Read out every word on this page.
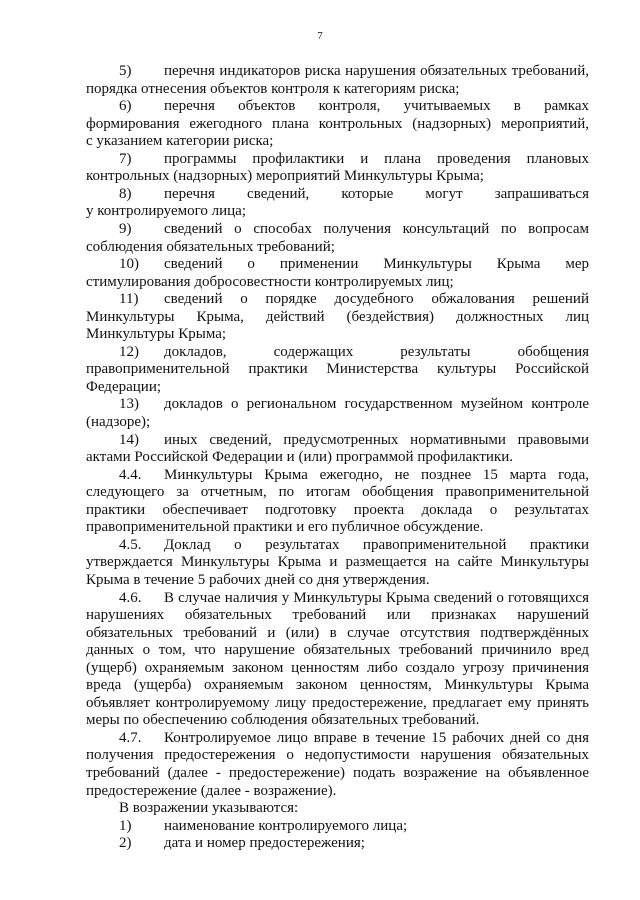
7
5) перечня индикаторов риска нарушения обязательных требований,
порядка отнесения объектов контроля к категориям риска;
6) перечня объектов контроля, учитываемых в рамках
формирования ежегодного плана контрольных (надзорных) мероприятий,
с указанием категории риска;
7) программы профилактики и плана проведения плановых
контрольных (надзорных) мероприятий Минкультуры Крыма;
8) перечня сведений, которые могут запрашиваться
у контролируемого лица;
9) сведений о способах получения консультаций по вопросам
соблюдения обязательных требований;
10) сведений о применении Минкультуры Крыма мер
стимулирования добросовестности контролируемых лиц;
11) сведений о порядке досудебного обжалования решений
Минкультуры Крыма, действий (бездействия) должностных лиц
Минкультуры Крыма;
12) докладов, содержащих результаты обобщения
правоприменительной практики Министерства культуры Российской
Федерации;
13) докладов о региональном государственном музейном контроле
(надзоре);
14) иных сведений, предусмотренных нормативными правовыми
актами Российской Федерации и (или) программой профилактики.
4.4. Минкультуры Крыма ежегодно, не позднее 15 марта года,
следующего за отчетным, по итогам обобщения правоприменительной
практики обеспечивает подготовку проекта доклада о результатах
правоприменительной практики и его публичное обсуждение.
4.5. Доклад о результатах правоприменительной практики
утверждается Минкультуры Крыма и размещается на сайте Минкультуры
Крыма в течение 5 рабочих дней со дня утверждения.
4.6. В случае наличия у Минкультуры Крыма сведений о готовящихся
нарушениях обязательных требований или признаках нарушений
обязательных требований и (или) в случае отсутствия подтверждённых
данных о том, что нарушение обязательных требований причинило вред
(ущерб) охраняемым законом ценностям либо создало угрозу причинения
вреда (ущерба) охраняемым законом ценностям, Минкультуры Крыма
объявляет контролируемому лицу предостережение, предлагает ему принять
меры по обеспечению соблюдения обязательных требований.
4.7. Контролируемое лицо вправе в течение 15 рабочих дней со дня
получения предостережения о недопустимости нарушения обязательных
требований (далее - предостережение) подать возражение на объявленное
предостережение (далее - возражение).
В возражении указываются:
1) наименование контролируемого лица;
2) дата и номер предостережения;
